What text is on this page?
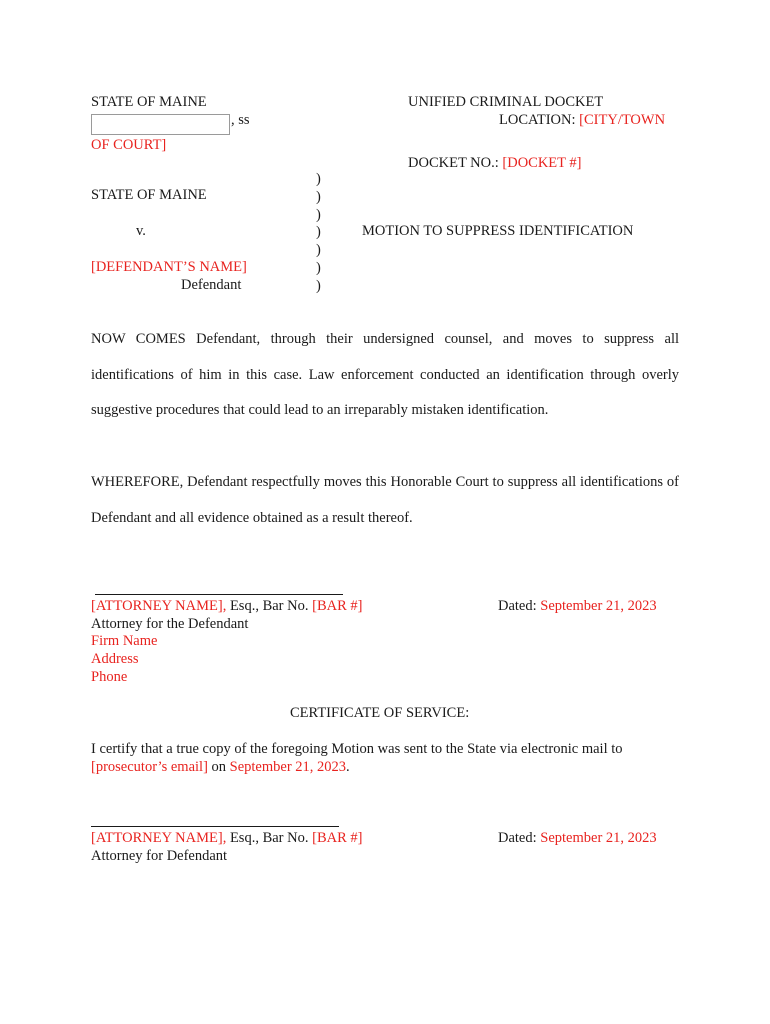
STATE OF MAINE
, ss
UNIFIED CRIMINAL DOCKET
LOCATION: [CITY/TOWN
OF COURT]
DOCKET NO.: [DOCKET #]
STATE OF MAINE
v.
[DEFENDANT’S NAME]
Defendant
)
)
)
)
)
)
)
MOTION TO SUPPRESS IDENTIFICATION
NOW COMES Defendant, through their undersigned counsel, and moves to suppress all identifications of him in this case. Law enforcement conducted an identification through overly suggestive procedures that could lead to an irreparably mistaken identification.
WHEREFORE, Defendant respectfully moves this Honorable Court to suppress all identifications of Defendant and all evidence obtained as a result thereof.
[ATTORNEY NAME], Esq., Bar No. [BAR #]	Dated: September 21, 2023
Attorney for the Defendant
Firm Name
Address
Phone
CERTIFICATE OF SERVICE:
I certify that a true copy of the foregoing Motion was sent to the State via electronic mail to
[prosecutor’s email] on September 21, 2023.
[ATTORNEY NAME], Esq., Bar No. [BAR #]	Dated: September 21, 2023
Attorney for Defendant
